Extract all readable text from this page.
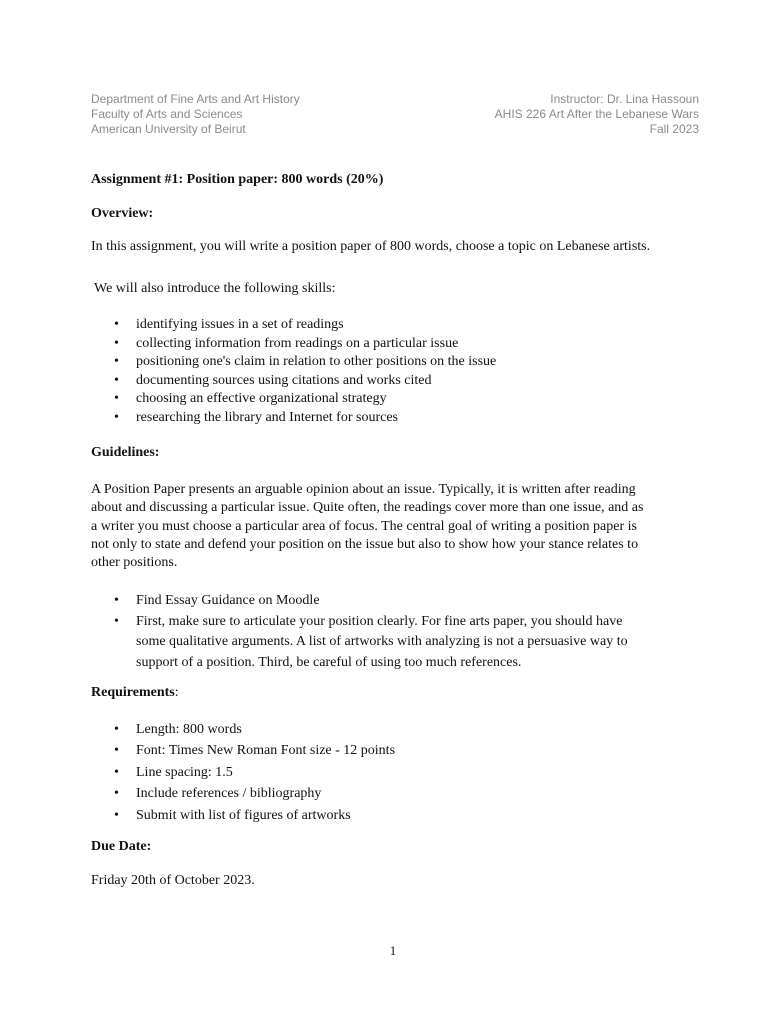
Department of Fine Arts and Art History	Instructor: Dr. Lina Hassoun
Faculty of Arts and Sciences	AHIS 226 Art After the Lebanese Wars
American University of Beirut	Fall 2023
Assignment #1: Position paper: 800 words (20%)
Overview:
In this assignment, you will write a position paper of 800 words, choose a topic on Lebanese artists.
We will also introduce the following skills:
• identifying issues in a set of readings
• collecting information from readings on a particular issue
• positioning one's claim in relation to other positions on the issue
• documenting sources using citations and works cited
• choosing an effective organizational strategy
• researching the library and Internet for sources
Guidelines:
A Position Paper presents an arguable opinion about an issue. Typically, it is written after reading
about and discussing a particular issue. Quite often, the readings cover more than one issue, and as
a writer you must choose a particular area of focus. The central goal of writing a position paper is
not only to state and defend your position on the issue but also to show how your stance relates to
other positions.
• Find Essay Guidance on Moodle
• First, make sure to articulate your position clearly. For fine arts paper, you should have
some qualitative arguments. A list of artworks with analyzing is not a persuasive way to
support of a position. Third, be careful of using too much references.
Requirements:
• Length: 800 words
• Font: Times New Roman Font size - 12 points
• Line spacing: 1.5
• Include references / bibliography
• Submit with list of figures of artworks
Due Date:
Friday 20th of October 2023.
1
